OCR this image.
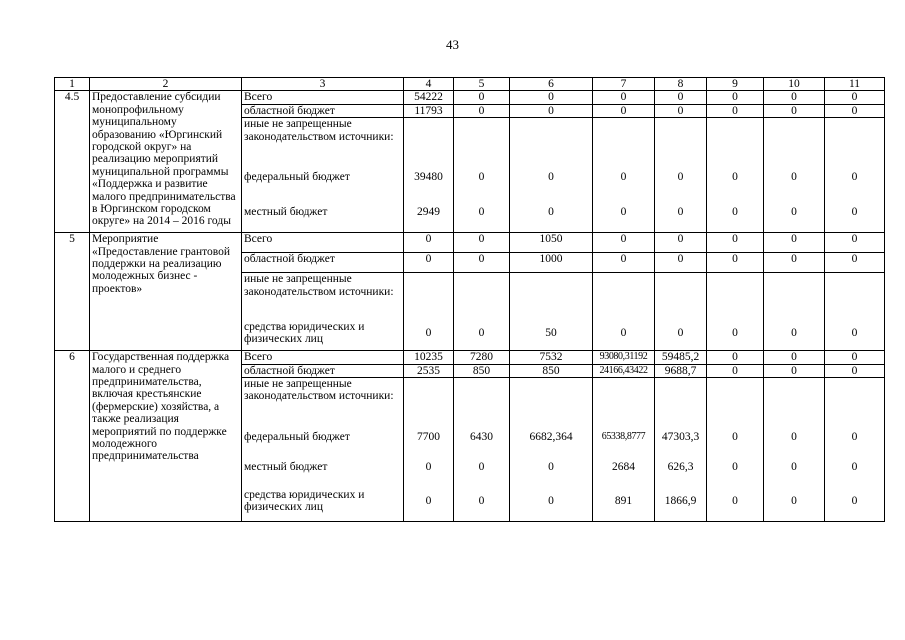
43
1	2	3	4	5	6	7	8	9	10	11
4.5	Предоставление субсидии монопрофильному муниципальному образованию «Юргинский городской округ» на реализацию мероприятий муниципальной программы «Поддержка и развитие малого предпринимательства в Юргинском городском округе» на 2014 – 2016 годы	Всего	54222	0	0	0	0	0	0	0
		областной бюджет	11793	0	0	0	0	0	0	0
		иные не запрещенные законодательством источники:								
		федеральный бюджет	39480	0	0	0	0	0	0	0
		местный бюджет	2949	0	0	0	0	0	0	0
5	Мероприятие «Предоставление грантовой поддержки на реализацию молодежных бизнес - проектов»	Всего	0	0	1050	0	0	0	0	0
		областной бюджет	0	0	1000	0	0	0	0	0
		иные не запрещенные законодательством источники:								
		средства юридических и физических лиц	0	0	50	0	0	0	0	0
6	Государственная поддержка малого и среднего предпринимательства, включая крестьянские (фермерские) хозяйства, а также реализация мероприятий по поддержке молодежного предпринимательства	Всего	10235	7280	7532	93080,31192	59485,2	0	0	0
		областной бюджет	2535	850	850	24166,43422	9688,7	0	0	0
		иные не запрещенные законодательством источники:								
		федеральный бюджет	7700	6430	6682,364	65338,8777	47303,3	0	0	0
		местный бюджет	0	0	0	2684	626,3	0	0	0
		средства юридических и физических лиц	0	0	0	891	1866,9	0	0	0
